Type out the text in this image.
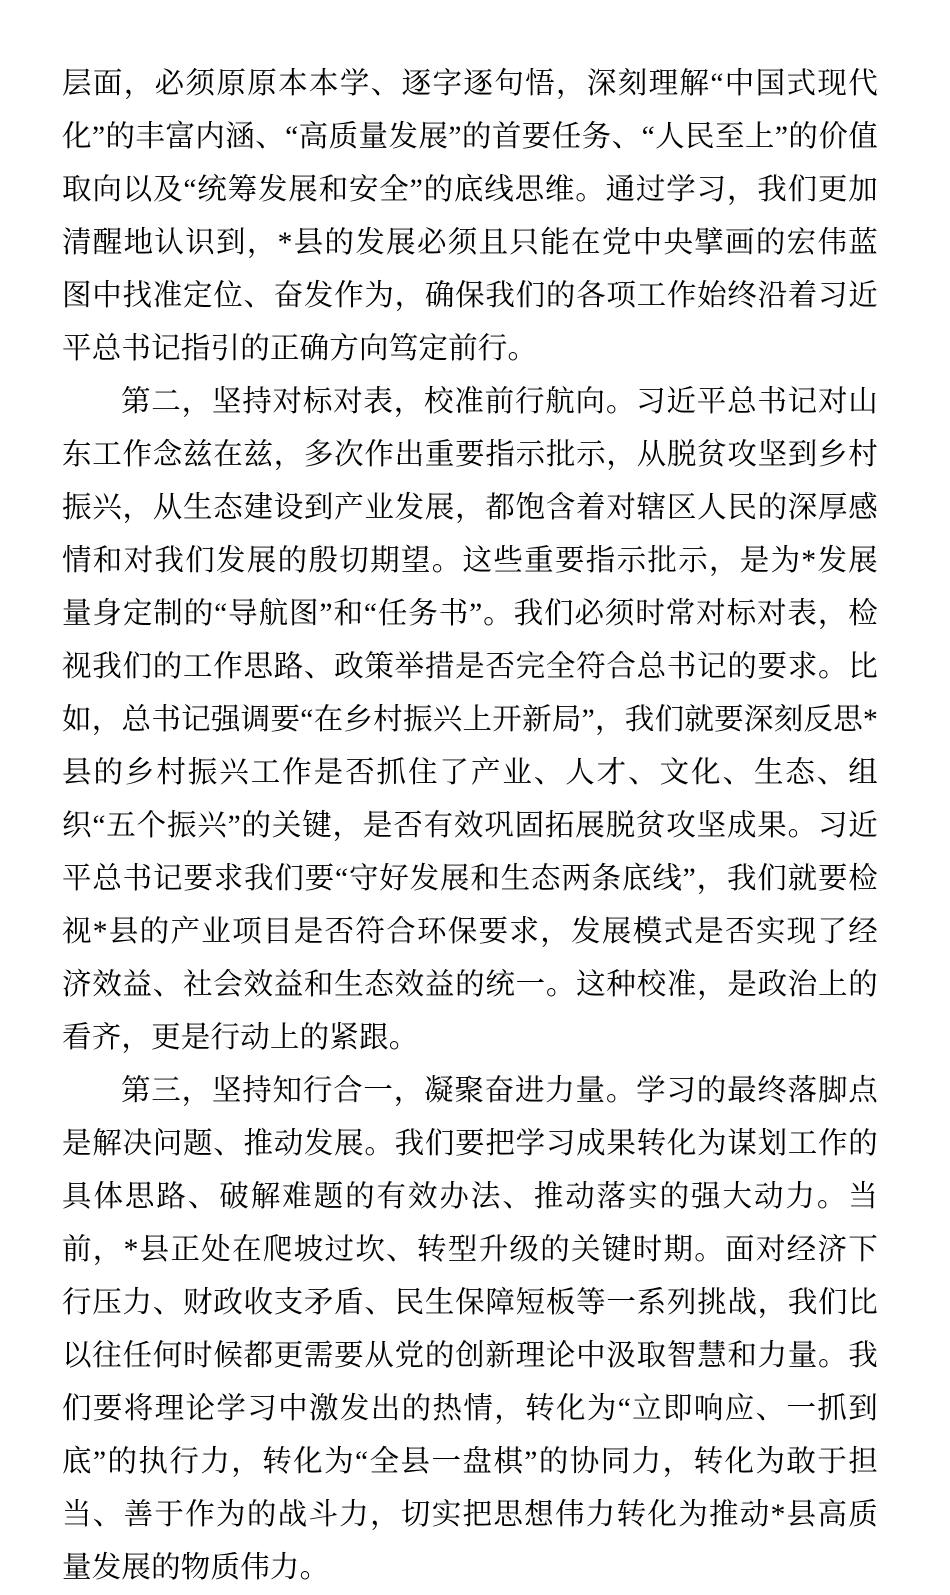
层面，必须原原本本学、逐字逐句悟，深刻理解“中国式现代化”的丰富内涵、“高质量发展”的首要任务、“人民至上”的价值取向以及“统筹发展和安全”的底线思维。通过学习，我们更加清醒地认识到，*县的发展必须且只能在党中央擘画的宏伟蓝图中找准定位、奋发作为，确保我们的各项工作始终沿着习近平总书记指引的正确方向笃定前行。

第二，坚持对标对表，校准前行航向。习近平总书记对山东工作念兹在兹，多次作出重要指示批示，从脱贫攻坚到乡村振兴，从生态建设到产业发展，都饱含着对辖区人民的深厚感情和对我们发展的殷切期望。这些重要指示批示，是为*发展量身定制的“导航图”和“任务书”。我们必须时常对标对表，检视我们的工作思路、政策举措是否完全符合总书记的要求。比如，总书记强调要“在乡村振兴上开新局”，我们就要深刻反思*县的乡村振兴工作是否抓住了产业、人才、文化、生态、组织“五个振兴”的关键，是否有效巩固拓展脱贫攻坚成果。习近平总书记要求我们要“守好发展和生态两条底线”，我们就要检视*县的产业项目是否符合环保要求，发展模式是否实现了经济效益、社会效益和生态效益的统一。这种校准，是政治上的看齐，更是行动上的紧跟。

第三，坚持知行合一，凝聚奋进力量。学习的最终落脚点是解决问题、推动发展。我们要把学习成果转化为谋划工作的具体思路、破解难题的有效办法、推动落实的强大动力。当前，*县正处在爬坡过坎、转型升级的关键时期。面对经济下行压力、财政收支矛盾、民生保障短板等一系列挑战，我们比以往任何时候都更需要从党的创新理论中汲取智慧和力量。我们要将理论学习中激发出的热情，转化为“立即响应、一抓到底”的执行力，转化为“全县一盘棋”的协同力，转化为敢于担当、善于作为的战斗力，切实把思想伟力转化为推动*县高质量发展的物质伟力。
